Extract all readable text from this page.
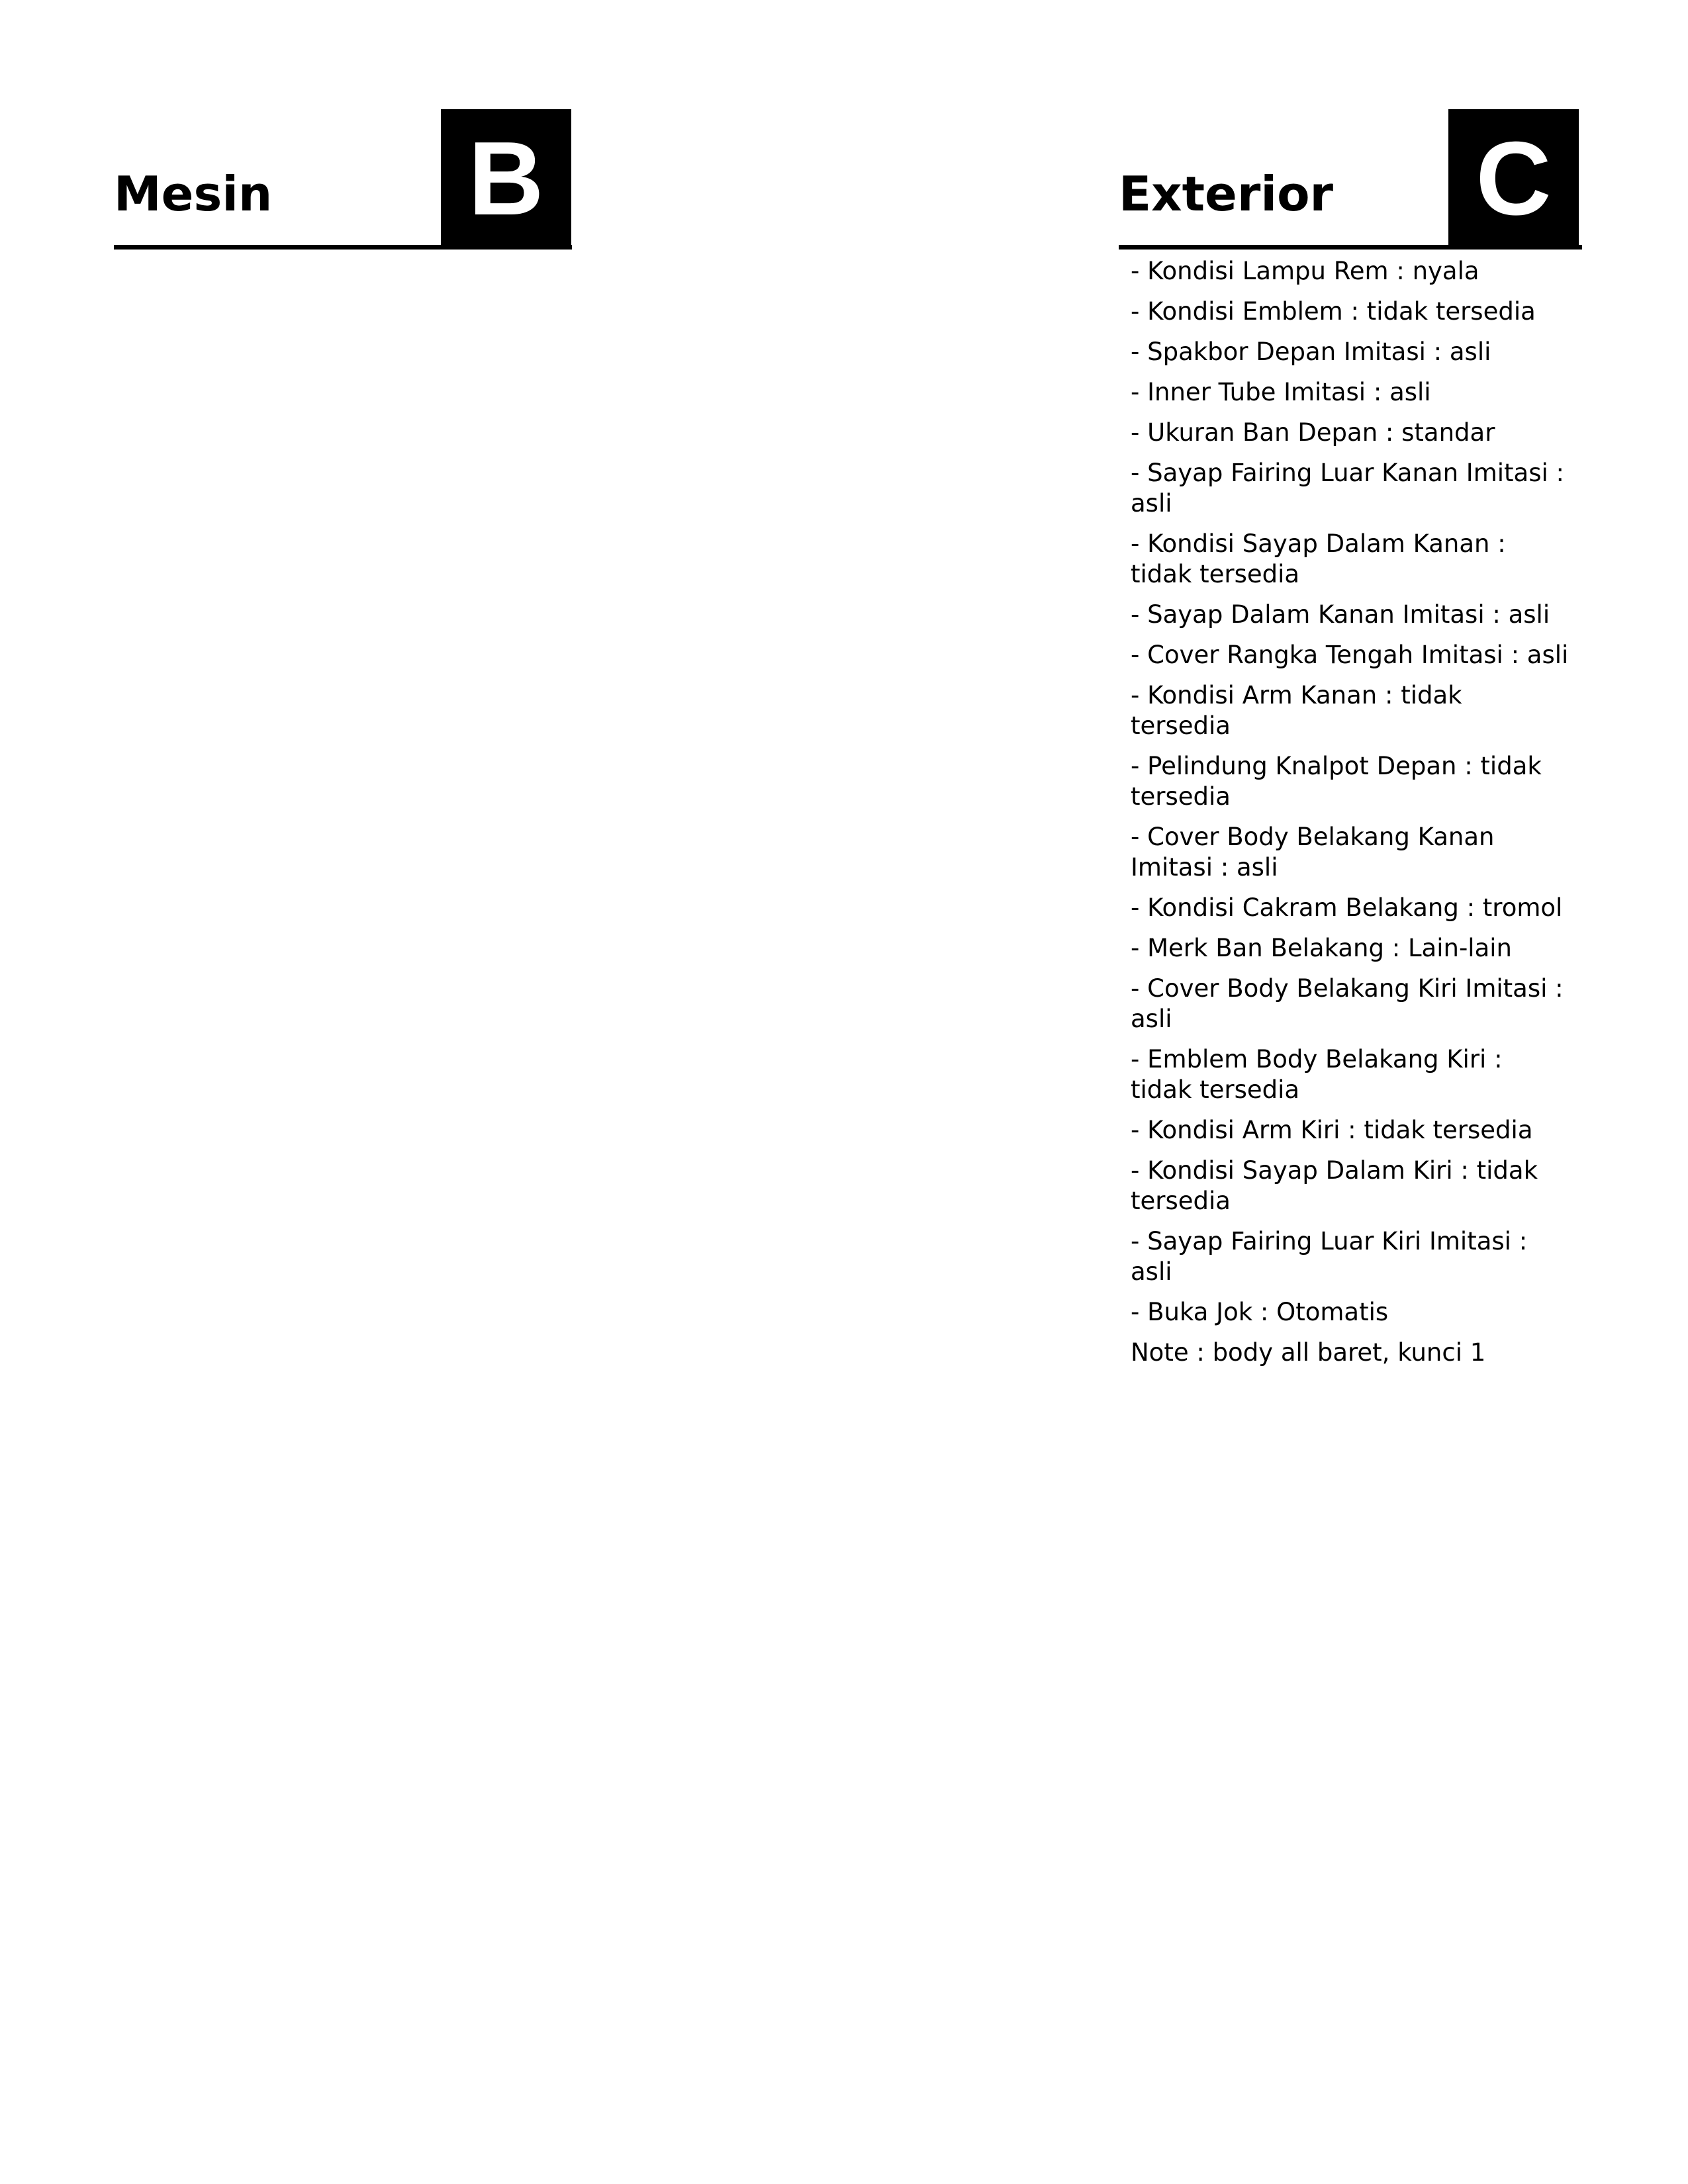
Mesin B	Exterior C
- Kondisi Lampu Rem : nyala
- Kondisi Emblem : tidak tersedia
- Spakbor Depan Imitasi : asli
- Inner Tube Imitasi : asli
- Ukuran Ban Depan : standar
- Sayap Fairing Luar Kanan Imitasi : asli
- Kondisi Sayap Dalam Kanan : tidak tersedia
- Sayap Dalam Kanan Imitasi : asli
- Cover Rangka Tengah Imitasi : asli
- Kondisi Arm Kanan : tidak tersedia
- Pelindung Knalpot Depan : tidak tersedia
- Cover Body Belakang Kanan Imitasi : asli
- Kondisi Cakram Belakang : tromol
- Merk Ban Belakang : Lain-lain
- Cover Body Belakang Kiri Imitasi : asli
- Emblem Body Belakang Kiri : tidak tersedia
- Kondisi Arm Kiri : tidak tersedia
- Kondisi Sayap Dalam Kiri : tidak tersedia
- Sayap Fairing Luar Kiri Imitasi : asli
- Buka Jok : Otomatis
Note : body all baret, kunci 1
